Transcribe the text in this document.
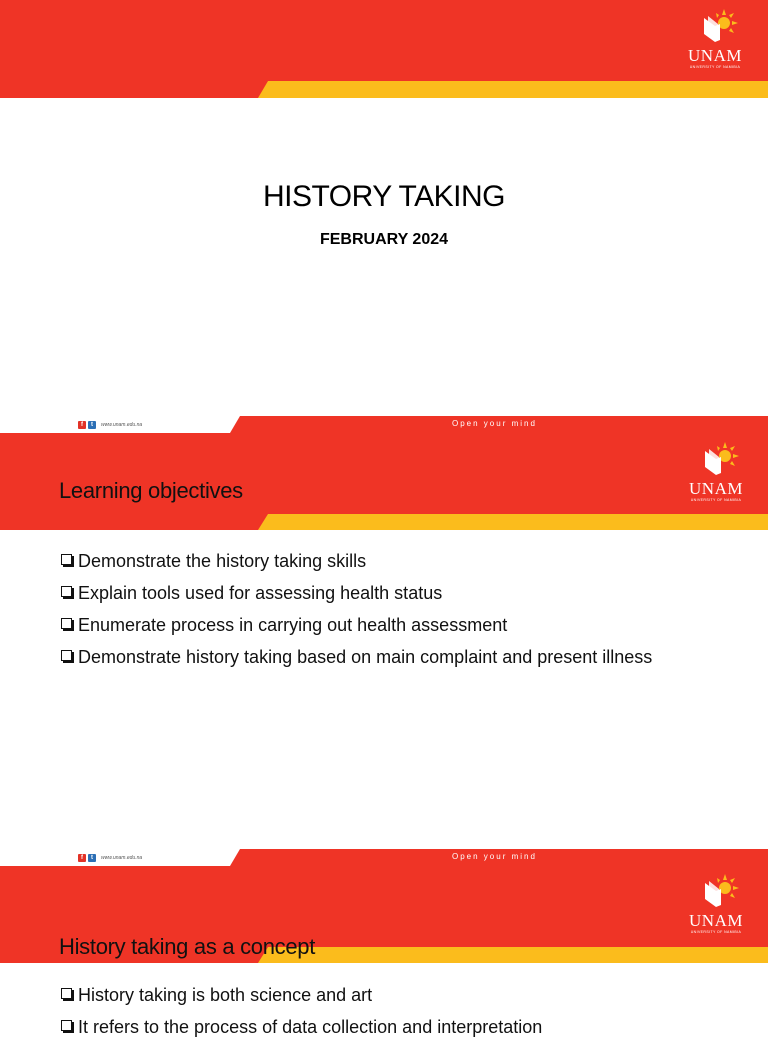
UNAM
UNIVERSITY OF NAMIBIA
HISTORY TAKING
FEBRUARY 2024
f	t	www.unam.edu.na	Open your mind
UNAM
UNIVERSITY OF NAMIBIA
Learning objectives
Demonstrate the history taking skills
Explain tools used for assessing health status
Enumerate process in carrying out health assessment
Demonstrate history taking based on main complaint and present illness
f	t	www.unam.edu.na	Open your mind
UNAM
UNIVERSITY OF NAMIBIA
History taking as a concept
History taking is both science and art
It refers to the process of data collection and interpretation
